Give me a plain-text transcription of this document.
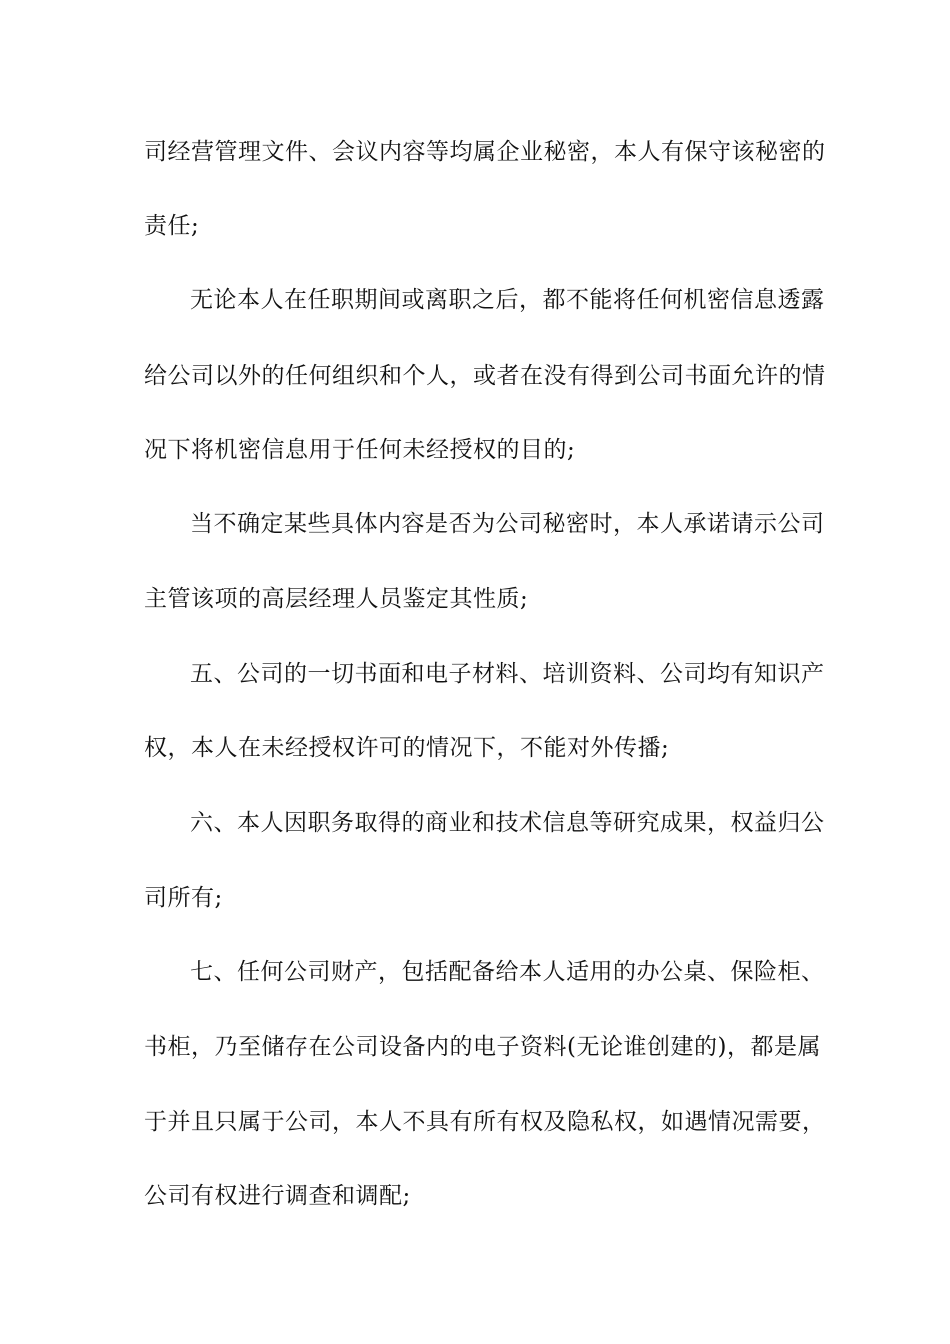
司经营管理文件、会议内容等均属企业秘密，本人有保守该秘密的
责任;
无论本人在任职期间或离职之后，都不能将任何机密信息透露
给公司以外的任何组织和个人，或者在没有得到公司书面允许的情
况下将机密信息用于任何未经授权的目的;
当不确定某些具体内容是否为公司秘密时，本人承诺请示公司
主管该项的高层经理人员鉴定其性质;
五、公司的一切书面和电子材料、培训资料、公司均有知识产
权，本人在未经授权许可的情况下，不能对外传播;
六、本人因职务取得的商业和技术信息等研究成果，权益归公
司所有;
七、任何公司财产，包括配备给本人适用的办公桌、保险柜、
书柜，乃至储存在公司设备内的电子资料(无论谁创建的)，都是属
于并且只属于公司，本人不具有所有权及隐私权，如遇情况需要，
公司有权进行调查和调配;
